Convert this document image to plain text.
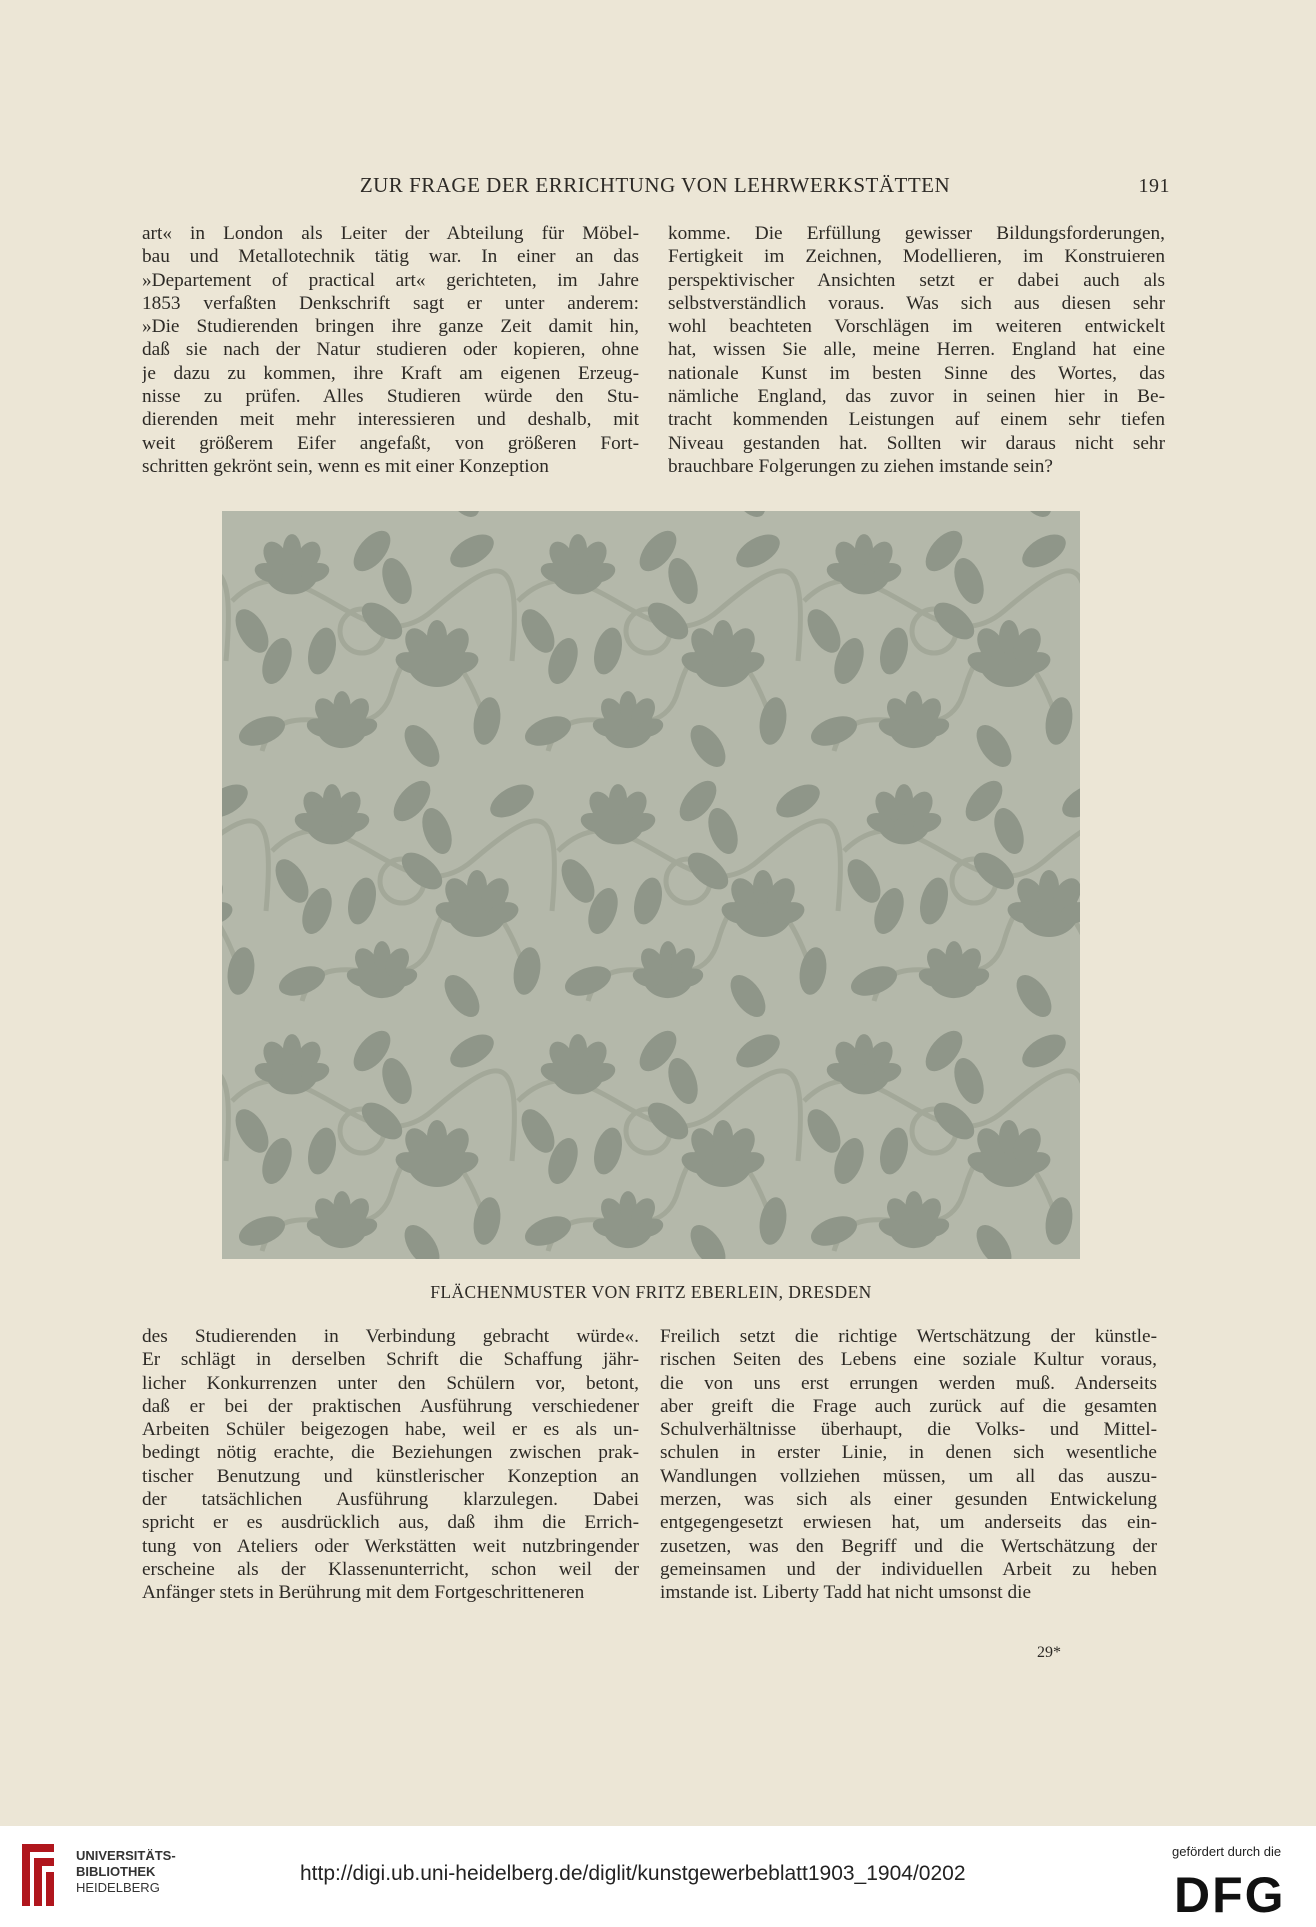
ZUR FRAGE DER ERRICHTUNG VON LEHRWERKSTÄTTEN	191
art« in London als Leiter der Abteilung für Möbel-
bau und Metallotechnik tätig war. In einer an das
»Departement of practical art« gerichteten, im Jahre
1853 verfaßten Denkschrift sagt er unter anderem:
»Die Studierenden bringen ihre ganze Zeit damit hin,
daß sie nach der Natur studieren oder kopieren, ohne
je dazu zu kommen, ihre Kraft am eigenen Erzeug-
nisse zu prüfen. Alles Studieren würde den Stu-
dierenden meit mehr interessieren und deshalb, mit
weit größerem Eifer angefaßt, von größeren Fort-
schritten gekrönt sein, wenn es mit einer Konzeption
komme. Die Erfüllung gewisser Bildungsforderungen,
Fertigkeit im Zeichnen, Modellieren, im Konstruieren
perspektivischer Ansichten setzt er dabei auch als
selbstverständlich voraus. Was sich aus diesen sehr
wohl beachteten Vorschlägen im weiteren entwickelt
hat, wissen Sie alle, meine Herren. England hat eine
nationale Kunst im besten Sinne des Wortes, das
nämliche England, das zuvor in seinen hier in Be-
tracht kommenden Leistungen auf einem sehr tiefen
Niveau gestanden hat. Sollten wir daraus nicht sehr
brauchbare Folgerungen zu ziehen imstande sein?
FLÄCHENMUSTER VON FRITZ EBERLEIN, DRESDEN
des Studierenden in Verbindung gebracht würde«.
Er schlägt in derselben Schrift die Schaffung jähr-
licher Konkurrenzen unter den Schülern vor, betont,
daß er bei der praktischen Ausführung verschiedener
Arbeiten Schüler beigezogen habe, weil er es als un-
bedingt nötig erachte, die Beziehungen zwischen prak-
tischer Benutzung und künstlerischer Konzeption an
der tatsächlichen Ausführung klarzulegen. Dabei
spricht er es ausdrücklich aus, daß ihm die Errich-
tung von Ateliers oder Werkstätten weit nutzbringender
erscheine als der Klassenunterricht, schon weil der
Anfänger stets in Berührung mit dem Fortgeschritteneren
Freilich setzt die richtige Wertschätzung der künstle-
rischen Seiten des Lebens eine soziale Kultur voraus,
die von uns erst errungen werden muß. Anderseits
aber greift die Frage auch zurück auf die gesamten
Schulverhältnisse überhaupt, die Volks- und Mittel-
schulen in erster Linie, in denen sich wesentliche
Wandlungen vollziehen müssen, um all das auszu-
merzen, was sich als einer gesunden Entwickelung
entgegengesetzt erwiesen hat, um anderseits das ein-
zusetzen, was den Begriff und die Wertschätzung der
gemeinsamen und der individuellen Arbeit zu heben
imstande ist. Liberty Tadd hat nicht umsonst die
29*
UNIVERSITÄTS-
BIBLIOTHEK
HEIDELBERG
http://digi.ub.uni-heidelberg.de/diglit/kunstgewerbeblatt1903_1904/0202
gefördert durch die
DFG
